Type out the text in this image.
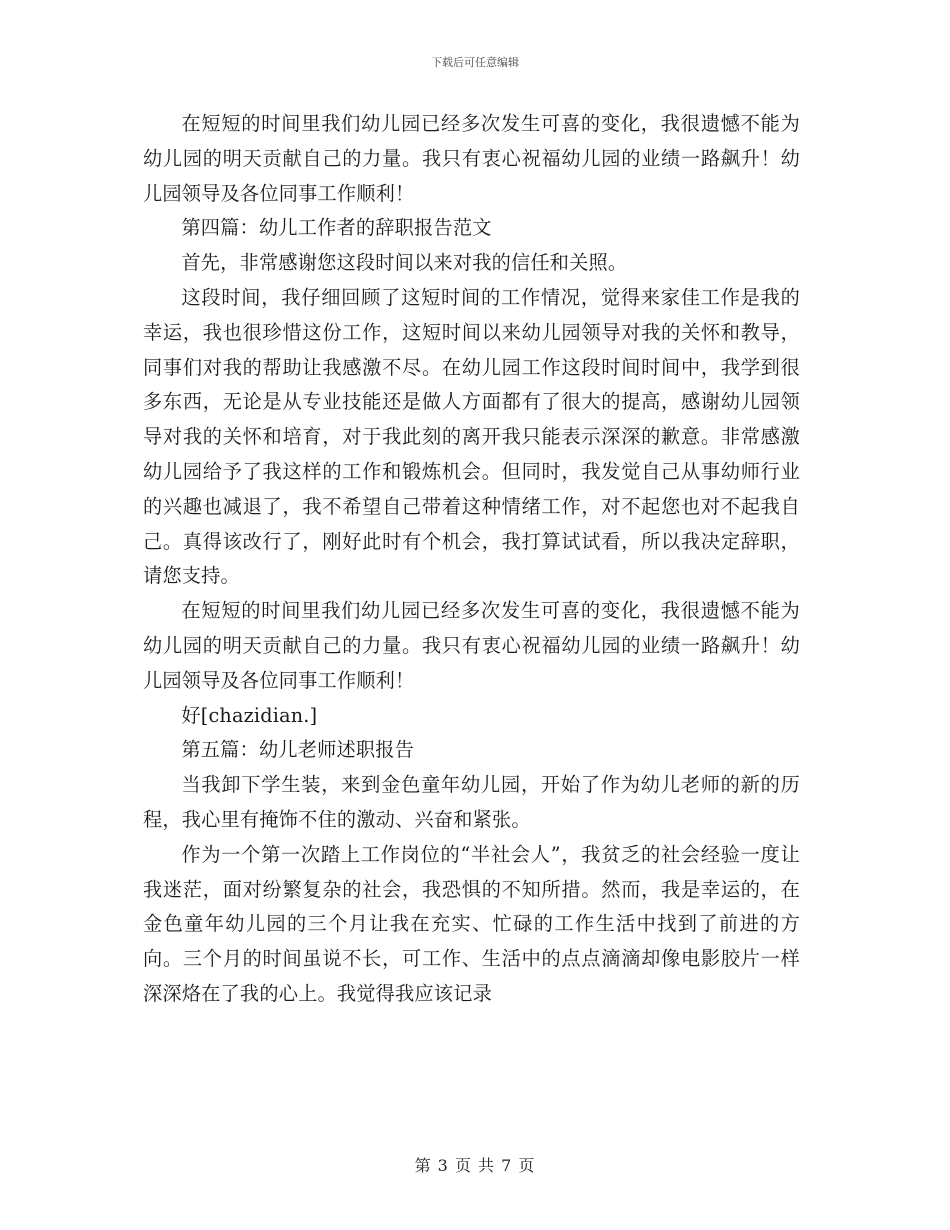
下载后可任意编辑

在短短的时间里我们幼儿园已经多次发生可喜的变化，我很遗憾不能为幼儿园的明天贡献自己的力量。我只有衷心祝福幼儿园的业绩一路飙升！幼儿园领导及各位同事工作顺利！

第四篇：幼儿工作者的辞职报告范文

首先，非常感谢您这段时间以来对我的信任和关照。

这段时间，我仔细回顾了这短时间的工作情况，觉得来家佳工作是我的幸运，我也很珍惜这份工作，这短时间以来幼儿园领导对我的关怀和教导，同事们对我的帮助让我感激不尽。在幼儿园工作这段时间时间中，我学到很多东西，无论是从专业技能还是做人方面都有了很大的提高，感谢幼儿园领导对我的关怀和培育，对于我此刻的离开我只能表示深深的歉意。非常感激幼儿园给予了我这样的工作和锻炼机会。但同时，我发觉自己从事幼师行业的兴趣也减退了，我不希望自己带着这种情绪工作，对不起您也对不起我自己。真得该改行了，刚好此时有个机会，我打算试试看，所以我决定辞职，请您支持。

在短短的时间里我们幼儿园已经多次发生可喜的变化，我很遗憾不能为幼儿园的明天贡献自己的力量。我只有衷心祝福幼儿园的业绩一路飙升！幼儿园领导及各位同事工作顺利！

好[chazidian.]

第五篇：幼儿老师述职报告

当我卸下学生装，来到金色童年幼儿园，开始了作为幼儿老师的新的历程，我心里有掩饰不住的激动、兴奋和紧张。

作为一个第一次踏上工作岗位的“半社会人”，我贫乏的社会经验一度让我迷茫，面对纷繁复杂的社会，我恐惧的不知所措。然而，我是幸运的，在金色童年幼儿园的三个月让我在充实、忙碌的工作生活中找到了前进的方向。三个月的时间虽说不长，可工作、生活中的点点滴滴却像电影胶片一样深深烙在了我的心上。我觉得我应该记录

第 3 页 共 7 页
